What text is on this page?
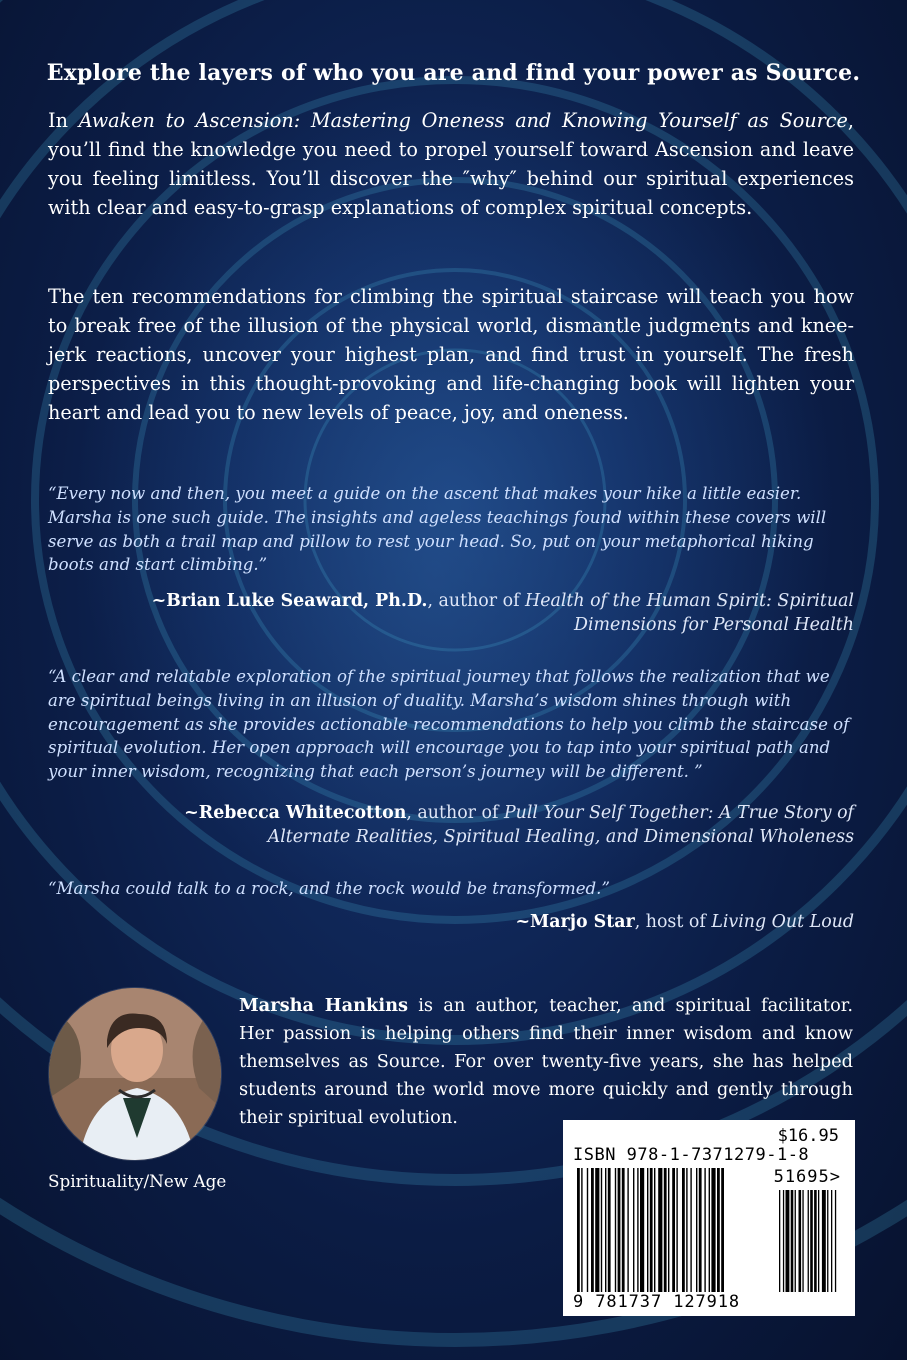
Explore the layers of who you are and find your power as Source.

In Awaken to Ascension: Mastering Oneness and Knowing Yourself as Source, you’ll find the knowledge you need to propel yourself toward Ascension and leave you feeling limitless. You’ll discover the ″why″ behind our spiritual experiences with clear and easy-to-grasp explanations of complex spiritual concepts.

The ten recommendations for climbing the spiritual staircase will teach you how to break free of the illusion of the physical world, dismantle judgments and knee-jerk reactions, uncover your highest plan, and find trust in yourself. The fresh perspectives in this thought-provoking and life-changing book will lighten your heart and lead you to new levels of peace, joy, and oneness.

“Every now and then, you meet a guide on the ascent that makes your hike a little easier. Marsha is one such guide. The insights and ageless teachings found within these covers will serve as both a trail map and pillow to rest your head. So, put on your metaphorical hiking boots and start climbing.”

~Brian Luke Seaward, Ph.D., author of Health of the Human Spirit: Spiritual Dimensions for Personal Health

“A clear and relatable exploration of the spiritual journey that follows the realization that we are spiritual beings living in an illusion of duality. Marsha’s wisdom shines through with encouragement as she provides actionable recommendations to help you climb the staircase of spiritual evolution. Her open approach will encourage you to tap into your spiritual path and your inner wisdom, recognizing that each person’s journey will be different. ”

~Rebecca Whitecotton, author of Pull Your Self Together: A True Story of Alternate Realities, Spiritual Healing, and Dimensional Wholeness

“Marsha could talk to a rock, and the rock would be transformed.”

~Marjo Star, host of Living Out Loud

Marsha Hankins is an author, teacher, and spiritual facilitator. Her passion is helping others find their inner wisdom and know themselves as Source. For over twenty-five years, she has helped students around the world move more quickly and gently through their spiritual evolution.

Spirituality/New Age
$16.95
ISBN 978-1-7371279-1-8
51695>
9 781737 127918
